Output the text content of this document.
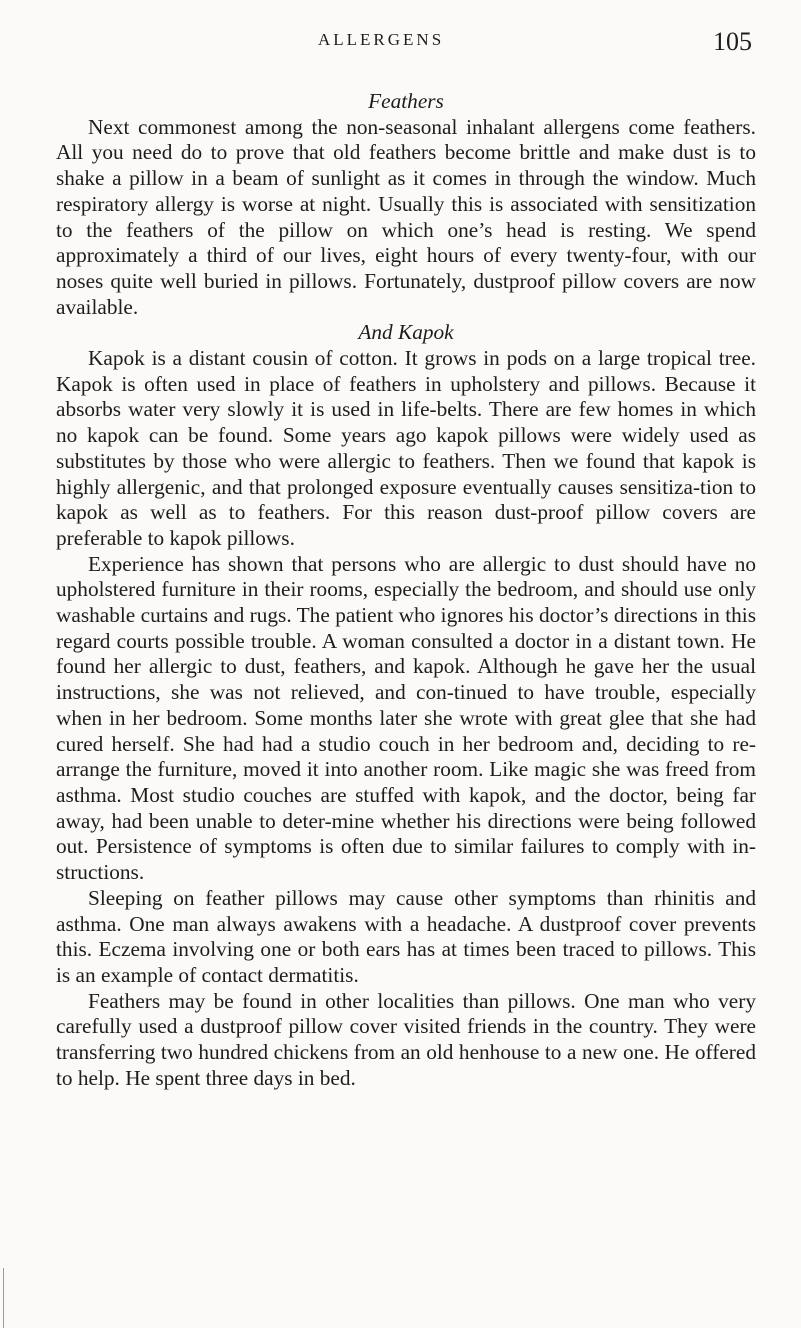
ALLERGENS	105

Feathers

Next commonest among the non-seasonal inhalant allergens come feathers. All you need do to prove that old feathers become brittle and make dust is to shake a pillow in a beam of sunlight as it comes in through the window. Much respiratory allergy is worse at night. Usually this is associated with sensitization to the feathers of the pillow on which one’s head is resting. We spend approximately a third of our lives, eight hours of every twenty-four, with our noses quite well buried in pillows. Fortunately, dustproof pillow covers are now available.

And Kapok

Kapok is a distant cousin of cotton. It grows in pods on a large tropical tree. Kapok is often used in place of feathers in upholstery and pillows. Because it absorbs water very slowly it is used in life-belts. There are few homes in which no kapok can be found. Some years ago kapok pillows were widely used as substitutes by those who were allergic to feathers. Then we found that kapok is highly allergenic, and that prolonged exposure eventually causes sensitiza-tion to kapok as well as to feathers. For this reason dust-proof pillow covers are preferable to kapok pillows.

Experience has shown that persons who are allergic to dust should have no upholstered furniture in their rooms, especially the bedroom, and should use only washable curtains and rugs. The patient who ignores his doctor’s directions in this regard courts possible trouble. A woman consulted a doctor in a distant town. He found her allergic to dust, feathers, and kapok. Although he gave her the usual instructions, she was not relieved, and con-tinued to have trouble, especially when in her bedroom. Some months later she wrote with great glee that she had cured herself. She had had a studio couch in her bedroom and, deciding to re-arrange the furniture, moved it into another room. Like magic she was freed from asthma. Most studio couches are stuffed with kapok, and the doctor, being far away, had been unable to deter-mine whether his directions were being followed out. Persistence of symptoms is often due to similar failures to comply with in-structions.

Sleeping on feather pillows may cause other symptoms than rhinitis and asthma. One man always awakens with a headache. A dustproof cover prevents this. Eczema involving one or both ears has at times been traced to pillows. This is an example of contact dermatitis.

Feathers may be found in other localities than pillows. One man who very carefully used a dustproof pillow cover visited friends in the country. They were transferring two hundred chickens from an old henhouse to a new one. He offered to help. He spent three days in bed.
